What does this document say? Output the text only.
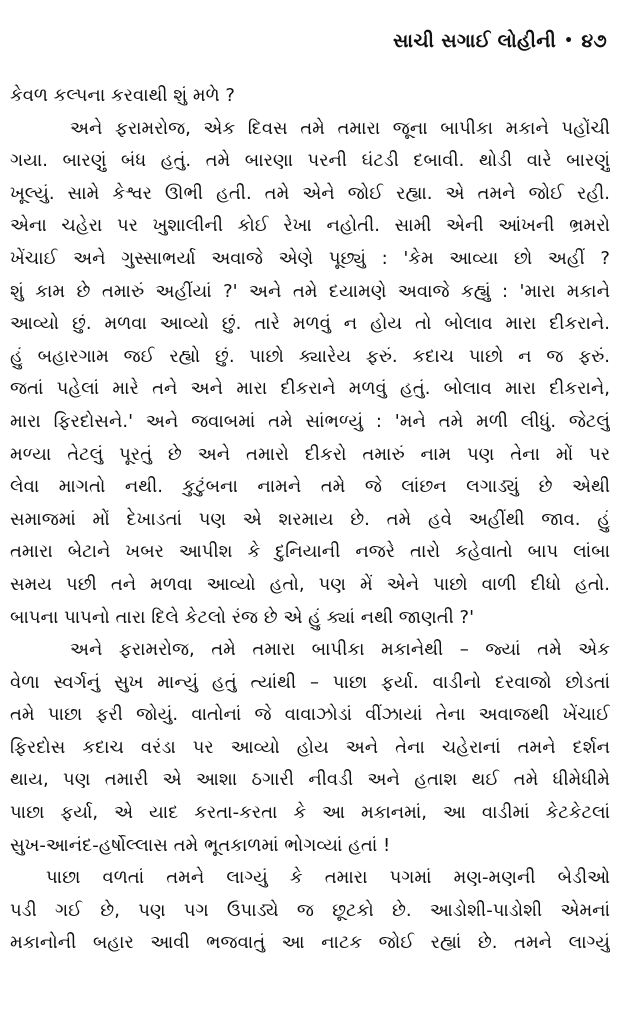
સાચી સગાઈ લોહીની • ૪૭
કેવળ કલ્પના કરવાથી શું મળે ?
અને ફરામરોજ, એક દિવસ તમે તમારા જૂના બાપીકા મકાને પહોંચી
ગયા. બારણું બંધ હતું. તમે બારણા પરની ઘંટડી દબાવી. થોડી વારે બારણું
ખૂલ્યું. સામે કેશ્વર ઊભી હતી. તમે એને જોઈ રહ્યા. એ તમને જોઈ રહી.
એના ચહેરા પર ખુશાલીની કોઈ રેખા નહોતી. સામી એની આંખની ભ્રમરો
ખેંચાઈ અને ગુસ્સાભર્યા અવાજે એણે પૂછ્યું : 'કેમ આવ્યા છો અહીં ?
શું કામ છે તમારું અહીંયાં ?' અને તમે દયામણે અવાજે કહ્યું : 'મારા મકાને
આવ્યો છું. મળવા આવ્યો છું. તારે મળવું ન હોય તો બોલાવ મારા દીકરાને.
હું બહારગામ જઈ રહ્યો છું. પાછો ક્યારેય ફરું. કદાચ પાછો ન જ ફરું.
જતાં પહેલાં મારે તને અને મારા દીકરાને મળવું હતું. બોલાવ મારા દીકરાને,
મારા ફિરદોસને.' અને જવાબમાં તમે સાંભળ્યું : 'મને તમે મળી લીધું. જેટલું
મળ્યા તેટલું પૂરતું છે અને તમારો દીકરો તમારું નામ પણ તેના મોં પર
લેવા માગતો નથી. કુટુંબના નામને તમે જે લાંછન લગાડ્યું છે એથી
સમાજમાં મોં દેખાડતાં પણ એ શરમાય છે. તમે હવે અહીંથી જાવ. હું
તમારા બેટાને ખબર આપીશ કે દુનિયાની નજરે તારો કહેવાતો બાપ લાંબા
સમય પછી તને મળવા આવ્યો હતો, પણ મેં એને પાછો વાળી દીધો હતો.
બાપના પાપનો તારા દિલે કેટલો રંજ છે એ હું ક્યાં નથી જાણતી ?'
અને ફરામરોજ, તમે તમારા બાપીકા મકાનેથી – જ્યાં તમે એક
વેળા સ્વર્ગનું સુખ માન્યું હતું ત્યાંથી – પાછા ફર્યા. વાડીનો દરવાજો છોડતાં
તમે પાછા ફરી જોયું. વાતોનાં જે વાવાઝોડાં વીંઝાયાં તેના અવાજથી ખેંચાઈ
ફિરદોસ કદાચ વરંડા પર આવ્યો હોય અને તેના ચહેરાનાં તમને દર્શન
થાય, પણ તમારી એ આશા ઠગારી નીવડી અને હતાશ થઈ તમે ધીમેધીમે
પાછા ફર્યા, એ યાદ કરતા-કરતા કે આ મકાનમાં, આ વાડીમાં કેટકેટલાં
સુખ-આનંદ-હર્ષોલ્લાસ તમે ભૂતકાળમાં ભોગવ્યાં હતાં !
પાછા વળતાં તમને લાગ્યું કે તમારા પગમાં મણ-મણની બેડીઓ
પડી ગઈ છે, પણ પગ ઉપાડ્યે જ છૂટકો છે. આડોશી-પાડોશી એમનાં
મકાનોની બહાર આવી ભજવાતું આ નાટક જોઈ રહ્યાં છે. તમને લાગ્યું
